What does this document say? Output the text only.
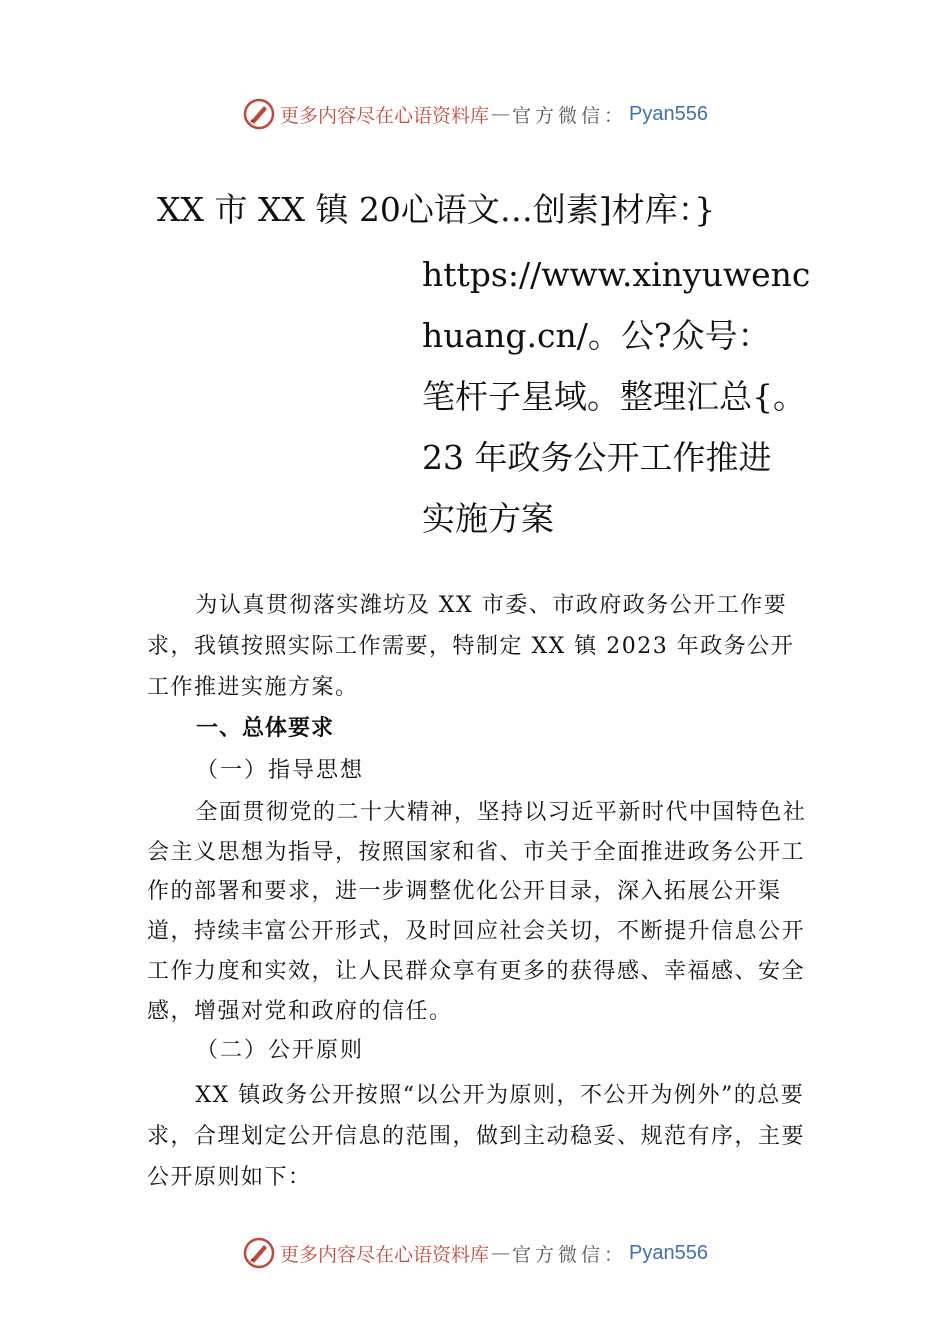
更多内容尽在心语资料库 — 官方微信： Pyan556
XX 市 XX 镇 20心语文…创素]材库：}
https://www.xinyuwenc
huang.cn/。公?众号：
笔杆子星域。整理汇总{。
23 年政务公开工作推进
实施方案

为认真贯彻落实潍坊及 XX 市委、市政府政务公开工作要求，我镇按照实际工作需要，特制定 XX 镇 2023 年政务公开工作推进实施方案。

一、总体要求
（一）指导思想

全面贯彻党的二十大精神，坚持以习近平新时代中国特色社会主义思想为指导，按照国家和省、市关于全面推进政务公开工作的部署和要求，进一步调整优化公开目录，深入拓展公开渠道，持续丰富公开形式，及时回应社会关切，不断提升信息公开工作力度和实效，让人民群众享有更多的获得感、幸福感、安全感，增强对党和政府的信任。

（二）公开原则

XX 镇政务公开按照“以公开为原则，不公开为例外”的总要求，合理划定公开信息的范围，做到主动稳妥、规范有序，主要公开原则如下：

更多内容尽在心语资料库 — 官方微信： Pyan556
